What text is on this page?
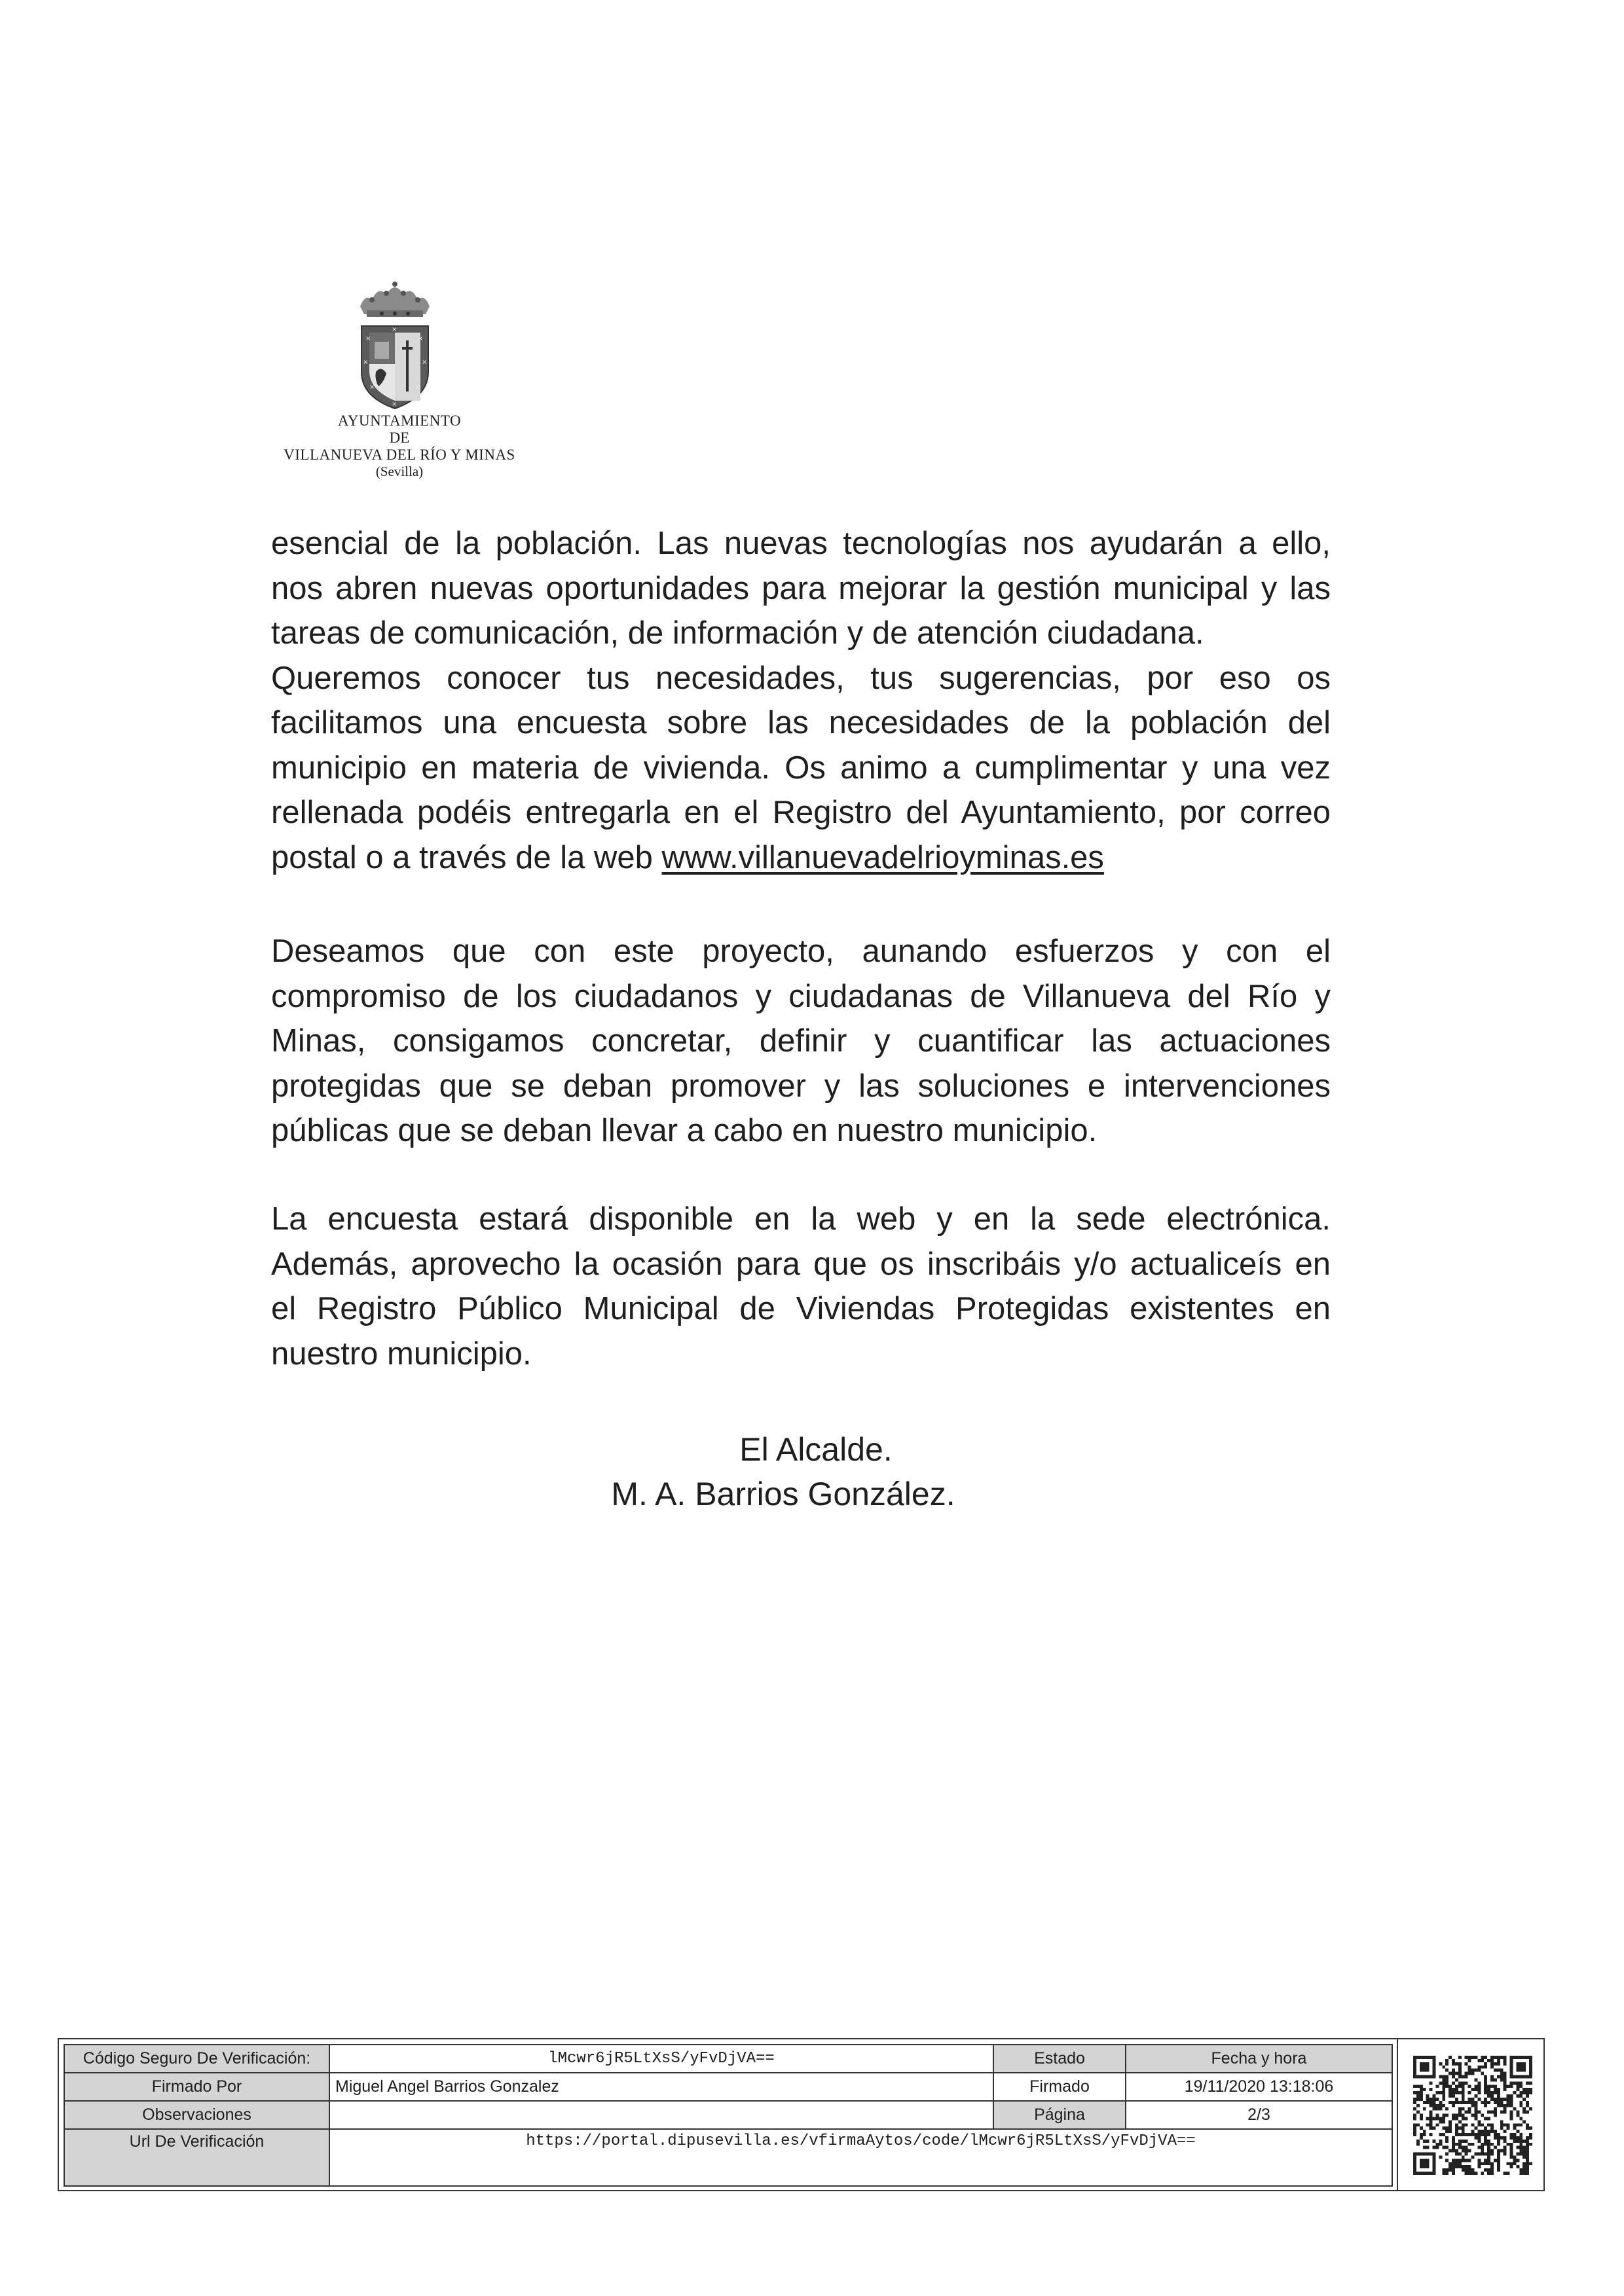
×	×
×
×	×
×	×
×
AYUNTAMIENTO
DE
VILLANUEVA DEL RÍO Y MINAS
(Sevilla)
esencial de la población. Las nuevas tecnologías nos ayudarán a ello,
nos abren nuevas oportunidades para mejorar la gestión municipal y las
tareas de comunicación, de información y de atención ciudadana.
Queremos conocer tus necesidades, tus sugerencias, por eso os
facilitamos una encuesta sobre las necesidades de la población del
municipio en materia de vivienda. Os animo a cumplimentar y una vez
rellenada podéis entregarla en el Registro del Ayuntamiento, por correo
postal o a través de la web www.villanuevadelrioyminas.es
Deseamos que con este proyecto, aunando esfuerzos y con el
compromiso de los ciudadanos y ciudadanas de Villanueva del Río y
Minas, consigamos concretar, definir y cuantificar las actuaciones
protegidas que se deban promover y las soluciones e intervenciones
públicas que se deban llevar a cabo en nuestro municipio.
La encuesta estará disponible en la web y en la sede electrónica.
Además, aprovecho la ocasión para que os inscribáis y/o actualiceís en
el Registro Público Municipal de Viviendas Protegidas existentes en
nuestro municipio.
El Alcalde.
M. A. Barrios González.
Código Seguro De Verificación:	lMcwr6jR5LtXsS/yFvDjVA==	Estado	Fecha y hora
Firmado Por	Miguel Angel Barrios Gonzalez	Firmado	19/11/2020 13:18:06
Observaciones		Página	2/3
Url De Verificación	https://portal.dipusevilla.es/vfirmaAytos/code/lMcwr6jR5LtXsS/yFvDjVA==		
